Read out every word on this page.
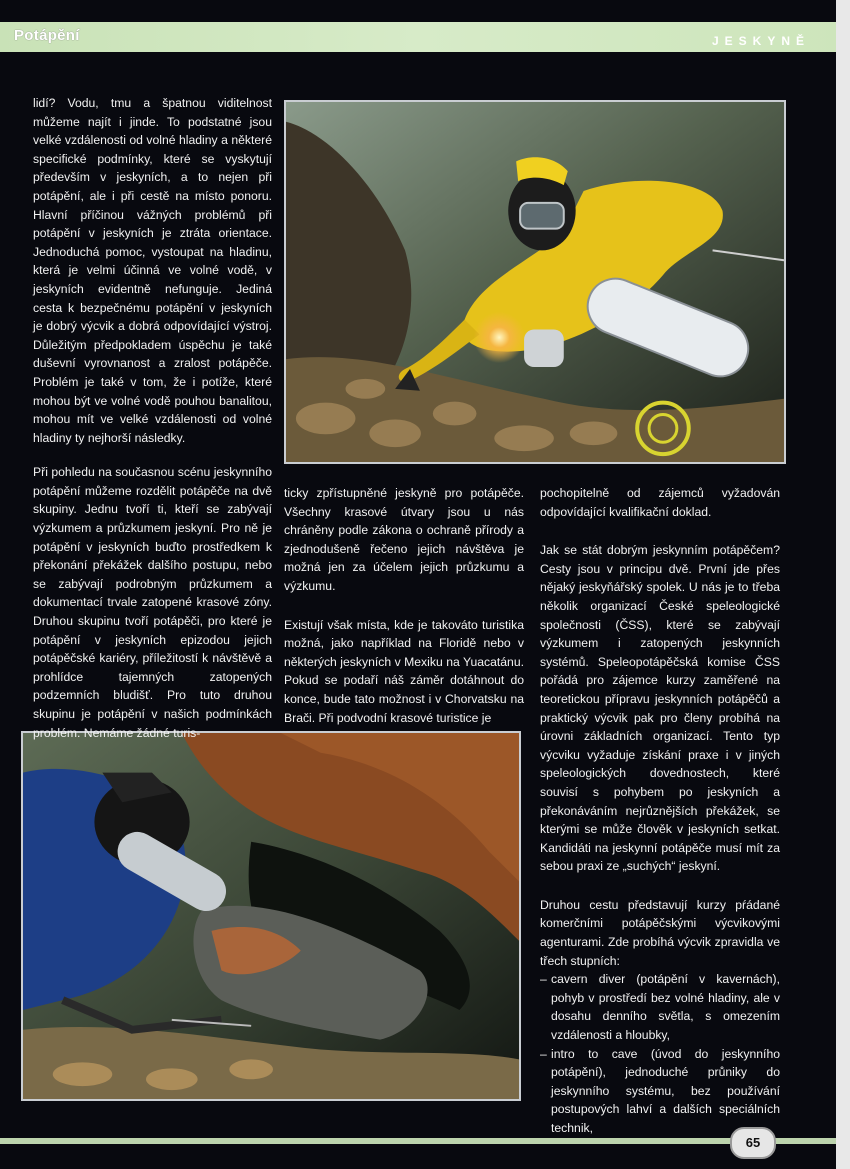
Potápění	JESKYNĚ

lidí? Vodu, tmu a špatnou viditelnost můžeme najít i jinde. To podstatné jsou velké vzdálenosti od volné hladiny a některé specifické podmínky, které se vyskytují především v jeskyních, a to nejen při potápění, ale i při cestě na místo ponoru. Hlavní příčinou vážných problémů při potápění v jeskyních je ztráta orientace. Jednoduchá pomoc, vystoupat na hladinu, která je velmi účinná ve volné vodě, v jeskyních evidentně nefunguje. Jediná cesta k bezpečnému potápění v jeskyních je dobrý výcvik a dobrá odpovídající výstroj. Důležitým předpokladem úspěchu je také duševní vyrovnanost a zralost potápěče. Problém je také v tom, že i potíže, které mohou být ve volné vodě pouhou banalitou, mohou mít ve velké vzdálenosti od volné hladiny ty nejhorší následky.

Při pohledu na současnou scénu jeskynního potápění můžeme rozdělit potápěče na dvě skupiny. Jednu tvoří ti, kteří se zabývají výzkumem a průzkumem jeskyní. Pro ně je potápění v jeskyních buďto prostředkem k překonání překážek dalšího postupu, nebo se zabývají podrobným průzkumem a dokumentací trvale zatopené krasové zóny. Druhou skupinu tvoří potápěči, pro které je potápění v jeskyních epizodou jejich potápěčské kariéry, příležitostí k návštěvě a prohlídce tajemných zatopených podzemních bludišť. Pro tuto druhou skupinu je potápění v našich podmínkách problém. Nemáme žádné turis-

ticky zpřístupněné jeskyně pro potápěče. Všechny krasové útvary jsou u nás chráněny podle zákona o ochraně přírody a zjednodušeně řečeno jejich návštěva je možná jen za účelem jejich průzkumu a výzkumu.

Existují však místa, kde je takováto turistika možná, jako například na Floridě nebo v některých jeskyních v Mexiku na Yuacatánu. Pokud se podaří náš záměr dotáhnout do konce, bude tato možnost i v Chorvatsku na Brači. Při podvodní krasové turistice je

pochopitelně od zájemců vyžadován odpovídající kvalifikační doklad.

Jak se stát dobrým jeskynním potápěčem? Cesty jsou v principu dvě. První jde přes nějaký jeskyňářský spolek. U nás je to třeba několik organizací České speleologické společnosti (ČSS), které se zabývají výzkumem i zatopených jeskynních systémů. Speleopotápěčská komise ČSS pořádá pro zájemce kurzy zaměřené na teoretickou přípravu jeskynních potápěčů a praktický výcvik pak pro členy probíhá na úrovni základních organizací. Tento typ výcviku vyžaduje získání praxe i v jiných speleologických dovednostech, které souvisí s pohybem po jeskyních a překonáváním nejrůznějších překážek, se kterými se může člověk v jeskyních setkat. Kandidáti na jeskynní potápěče musí mít za sebou praxi ze „suchých“ jeskyní.

Druhou cestu představují kurzy pŕádané komerčními potápěčskými výcvikovými agenturami. Zde probíhá výcvik zpravidla ve třech stupních:

– cavern diver (potápění v kavernách), pohyb v prostředí bez volné hladiny, ale v dosahu denního světla, s omezením vzdálenosti a hloubky,
– intro to cave (úvod do jeskynního potápění), jednoduché průniky do jeskynního systému, bez používání postupových lahví a dalších speciálních technik,
65
